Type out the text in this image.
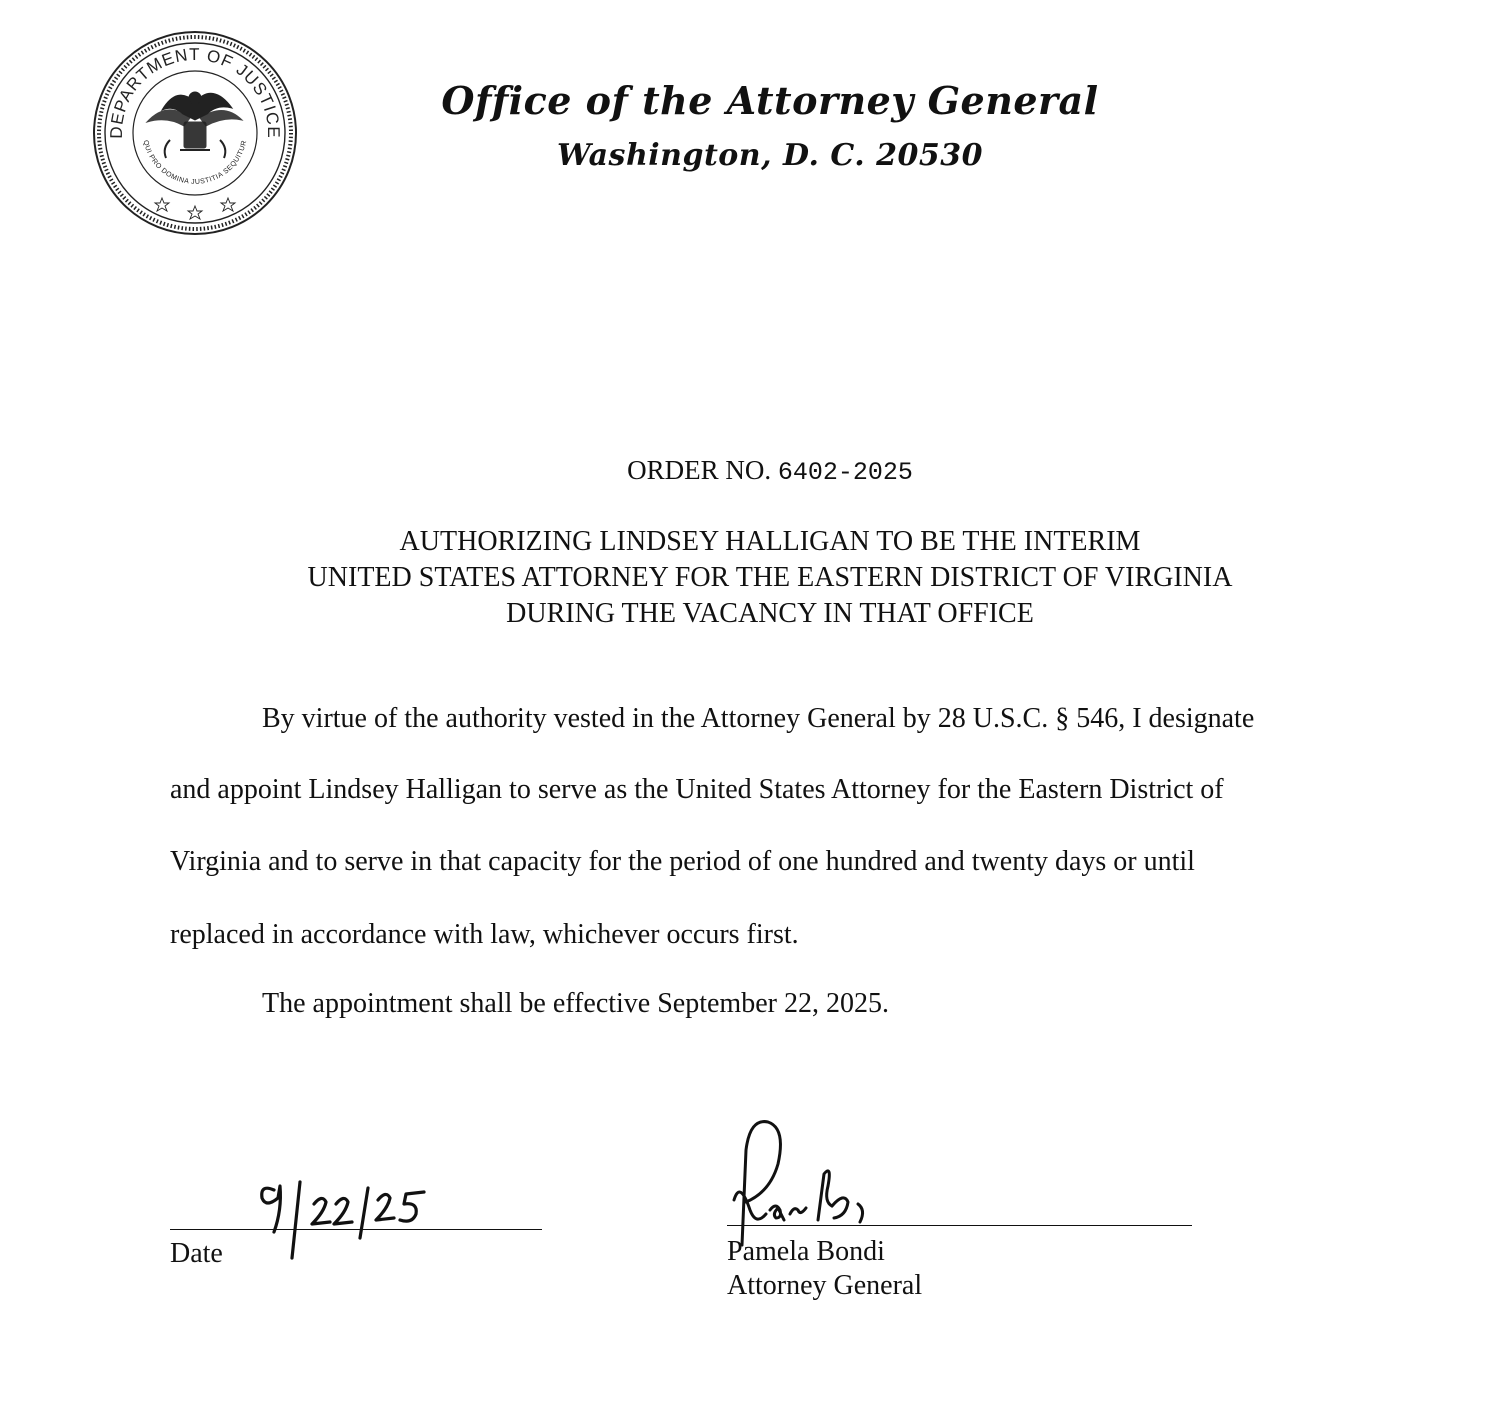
DEPARTMENT OF JUSTICE
QUI PRO DOMINA JUSTITIA SEQUITUR
Office of the Attorney General
Washington, D. C. 20530
ORDER NO. 6402-2025
AUTHORIZING LINDSEY HALLIGAN TO BE THE INTERIM
UNITED STATES ATTORNEY FOR THE EASTERN DISTRICT OF VIRGINIA
DURING THE VACANCY IN THAT OFFICE
By virtue of the authority vested in the Attorney General by 28 U.S.C. § 546, I designate
and appoint Lindsey Halligan to serve as the United States Attorney for the Eastern District of
Virginia and to serve in that capacity for the period of one hundred and twenty days or until
replaced in accordance with law, whichever occurs first.
The appointment shall be effective September 22, 2025.
Date	Pamela Bondi
Attorney General
